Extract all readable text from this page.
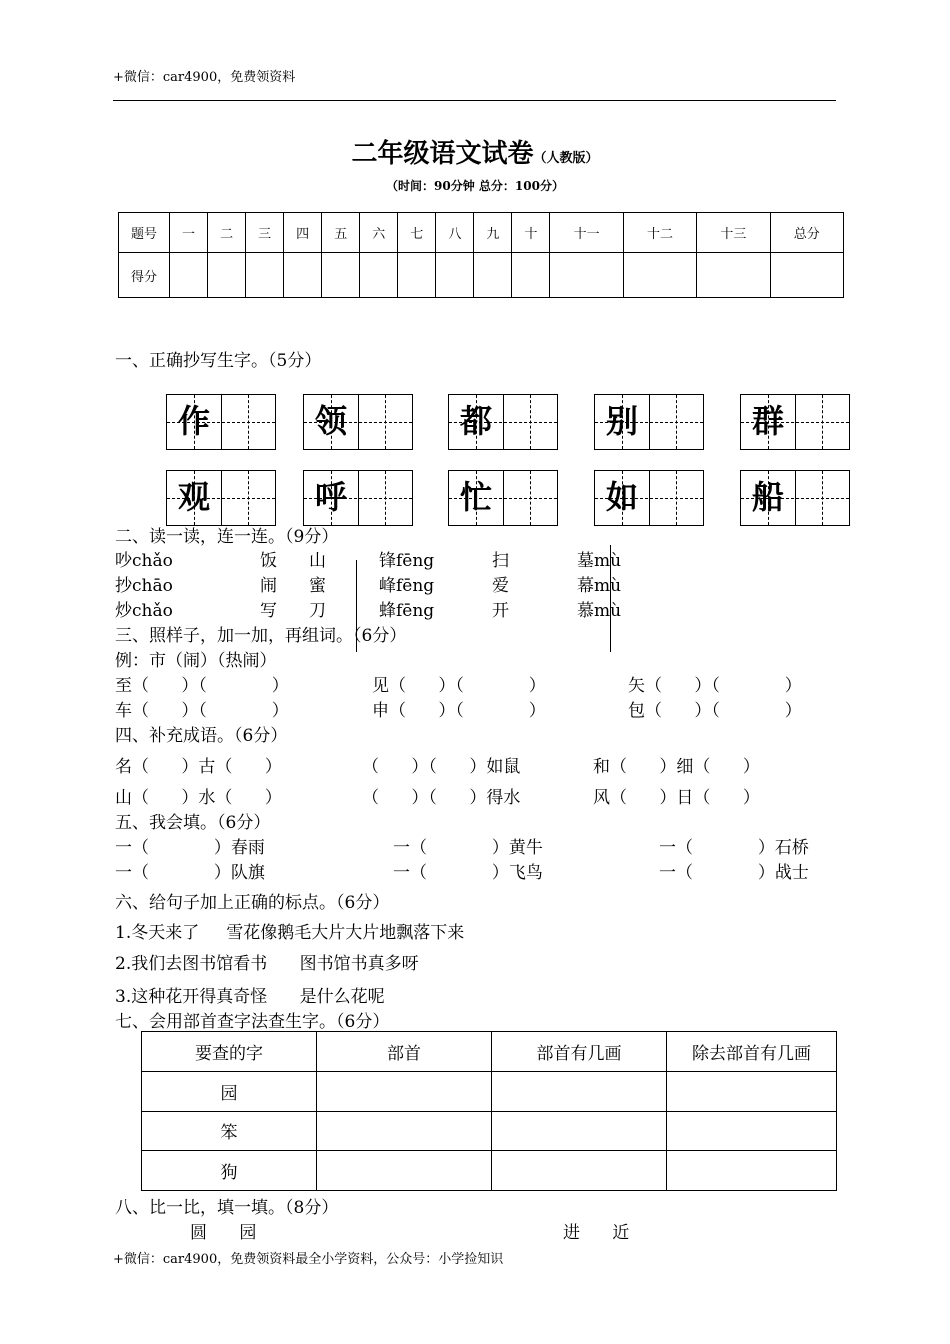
+微信：car4900，免费领资料
二年级语文试卷（人教版）
（时间：90分钟 总分：100分）
题号	一	二	三	四	五	六	七	八	九	十	十一	十二	十三	总分
得分														
一、正确抄写生字。（5分）
作	领	都	别	群
观	呼	忙	如	船
二、读一读，连一连。（9分）
吵chǎo	饭 山	锋fēng	扫	墓mù
抄chāo	闹 蜜	峰fēng	爱	幕mù
炒chǎo	写 刀	蜂fēng	开	慕mù
三、照样子，加一加，再组词。（6分）
例：市（闹）（热闹）
至（      ）（            ）	见（      ）（            ）	矢（      ）（            ）
车（      ）（            ）	申（      ）（            ）	包（      ）（            ）
四、补充成语。（6分）
名（      ）古（      ）	（      ）（      ）如鼠	和（      ）细（      ）
山（      ）水（      ）	（      ）（      ）得水	风（      ）日（      ）
五、我会填。（6分）
一（            ）春雨	一（            ）黄牛	一（            ）石桥
一（            ）队旗	一（            ）飞鸟	一（            ）战士
六、给句子加上正确的标点。（6分）
1.冬天来了     雪花像鹅毛大片大片地飘落下来
2.我们去图书馆看书      图书馆书真多呀
3.这种花开得真奇怪      是什么花呢
七、会用部首查字法查生字。（6分）
要查的字	部首	部首有几画	除去部首有几画
园			
笨			
狗			
八、比一比，填一填。（8分）
圆      园	进      近
+微信：car4900，免费领资料最全小学资料，公众号：小学捡知识
